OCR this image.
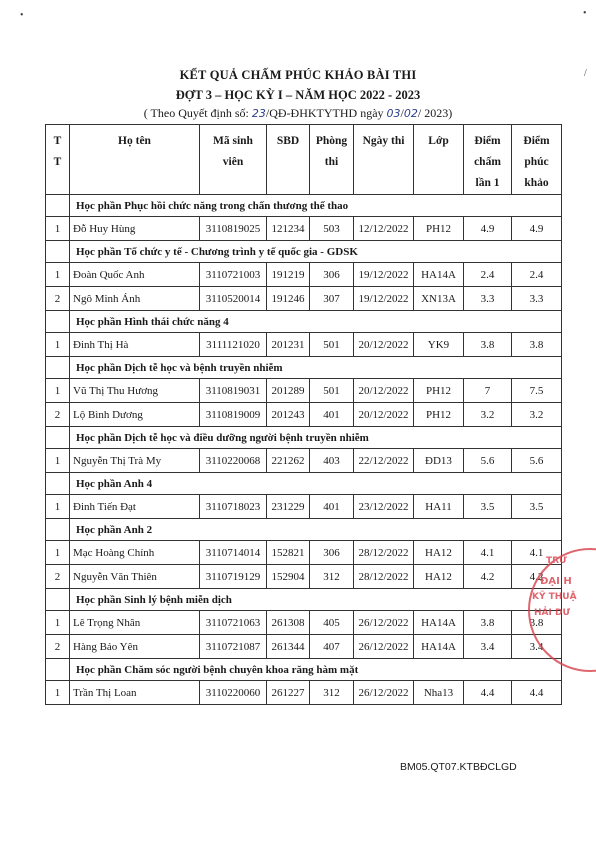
•	•
/
KẾT QUẢ CHẤM PHÚC KHẢO BÀI THI
ĐỢT 3 – HỌC KỲ I – NĂM HỌC 2022 - 2023
( Theo Quyết định số: 23/QĐ-ĐHKTYTHD ngày 03/02/ 2023)
T T	Họ tên	Mã sinh viên	SBD	Phòng thi	Ngày thi	Lớp	Điểm chấm lần 1	Điểm phúc khảo
	Học phần Phục hồi chức năng trong chấn thương thể thao							
1	Đỗ Huy Hùng	3110819025	121234	503	12/12/2022	PH12	4.9	4.9
	Học phần Tổ chức y tế - Chương trình y tế quốc gia - GDSK							
1	Đoàn Quốc Anh	3110721003	191219	306	19/12/2022	HA14A	2.4	2.4
2	Ngô Minh Ánh	3110520014	191246	307	19/12/2022	XN13A	3.3	3.3
	Học phần Hình thái chức năng 4							
1	Đinh Thị Hà	3111121020	201231	501	20/12/2022	YK9	3.8	3.8
	Học phần Dịch tễ học và bệnh truyền nhiễm							
1	Vũ Thị Thu Hương	3110819031	201289	501	20/12/2022	PH12	7	7.5
2	Lộ Bình Dương	3110819009	201243	401	20/12/2022	PH12	3.2	3.2
	Học phần Dịch tễ học và điều dưỡng người bệnh truyền nhiễm							
1	Nguyễn Thị Trà My	3110220068	221262	403	22/12/2022	ĐD13	5.6	5.6
	Học phần Anh 4							
1	Đinh Tiến Đạt	3110718023	231229	401	23/12/2022	HA11	3.5	3.5
	Học phần Anh 2							
1	Mạc Hoàng Chính	3110714014	152821	306	28/12/2022	HA12	4.1	4.1
2	Nguyễn Văn Thiên	3110719129	152904	312	28/12/2022	HA12	4.2	4.2
	Học phần Sinh lý bệnh miễn dịch							
1	Lê Trọng Nhân	3110721063	261308	405	26/12/2022	HA14A	3.8	3.8
2	Hàng Bảo Yên	3110721087	261344	407	26/12/2022	HA14A	3.4	3.4
	Học phần Chăm sóc người bệnh chuyên khoa răng hàm mặt							
1	Trần Thị Loan	3110220060	261227	312	26/12/2022	Nha13	4.4	4.4
TRƯ
ĐẠI H
KỸ THUẬ
HẢI DƯ
BM05.QT07.KTBĐCLGD
